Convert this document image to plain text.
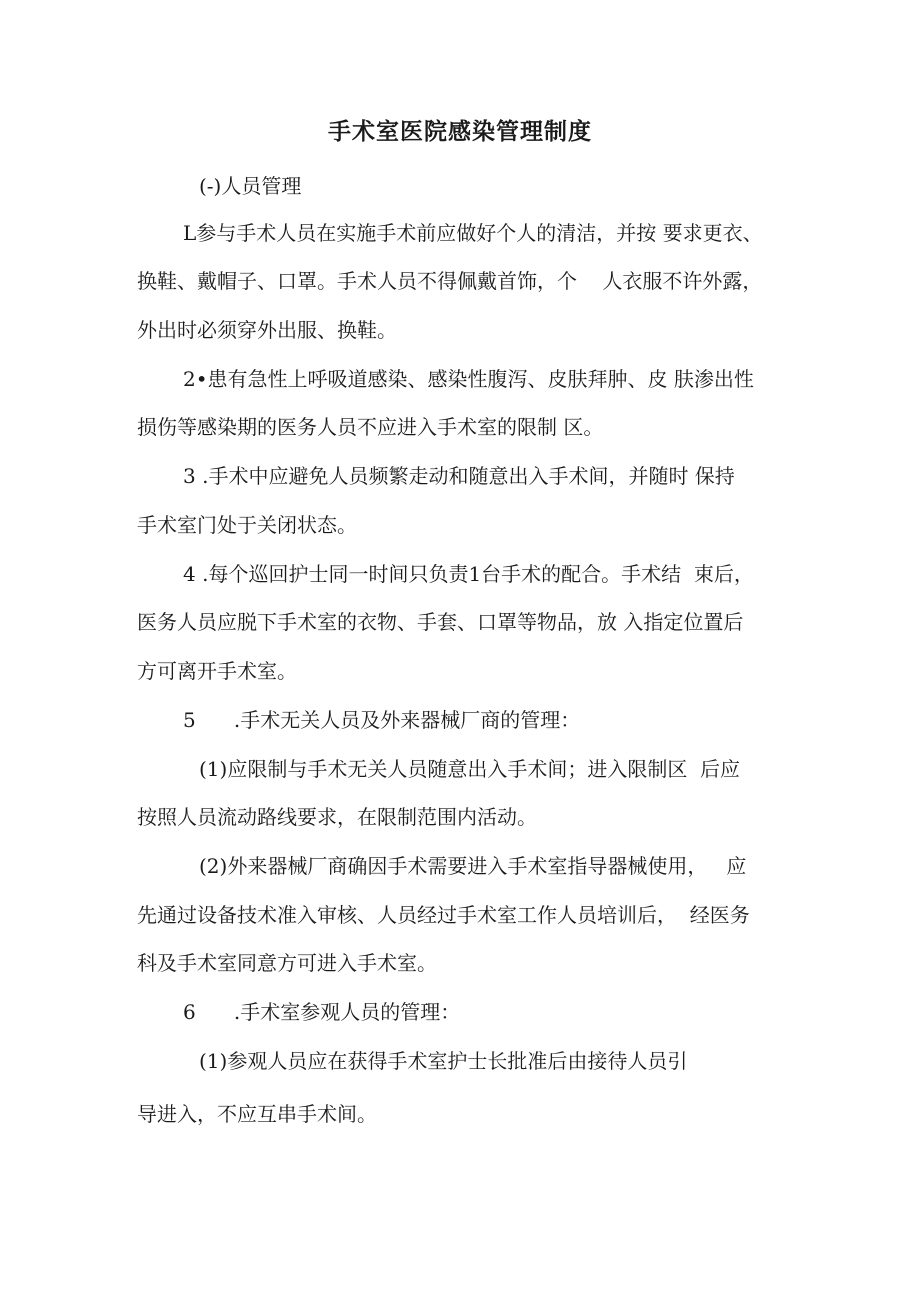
手术室医院感染管理制度

(-)人员管理

L参与手术人员在实施手术前应做好个人的清洁，并按 要求更衣、

换鞋、戴帽子、口罩。手术人员不得佩戴首饰，个    人衣服不许外露，

外出时必须穿外出服、换鞋。

2•患有急性上呼吸道感染、感染性腹泻、皮肤拜肿、皮 肤渗出性

损伤等感染期的医务人员不应进入手术室的限制 区。

3 .手术中应避免人员频繁走动和随意出入手术间，并随时 保持

手术室门处于关闭状态。

4 .每个巡回护士同一时间只负责1台手术的配合。手术结  束后，

医务人员应脱下手术室的衣物、手套、口罩等物品，放 入指定位置后

方可离开手术室。

5      .手术无关人员及外来器械厂商的管理：

(1)应限制与手术无关人员随意出入手术间；进入限制区  后应

按照人员流动路线要求，在限制范围内活动。

(2)外来器械厂商确因手术需要进入手术室指导器械使用，   应

先通过设备技术准入审核、人员经过手术室工作人员培训后，  经医务

科及手术室同意方可进入手术室。

6      .手术室参观人员的管理：

(1)参观人员应在获得手术室护士长批准后由接待人员引

导进入，不应互串手术间。
